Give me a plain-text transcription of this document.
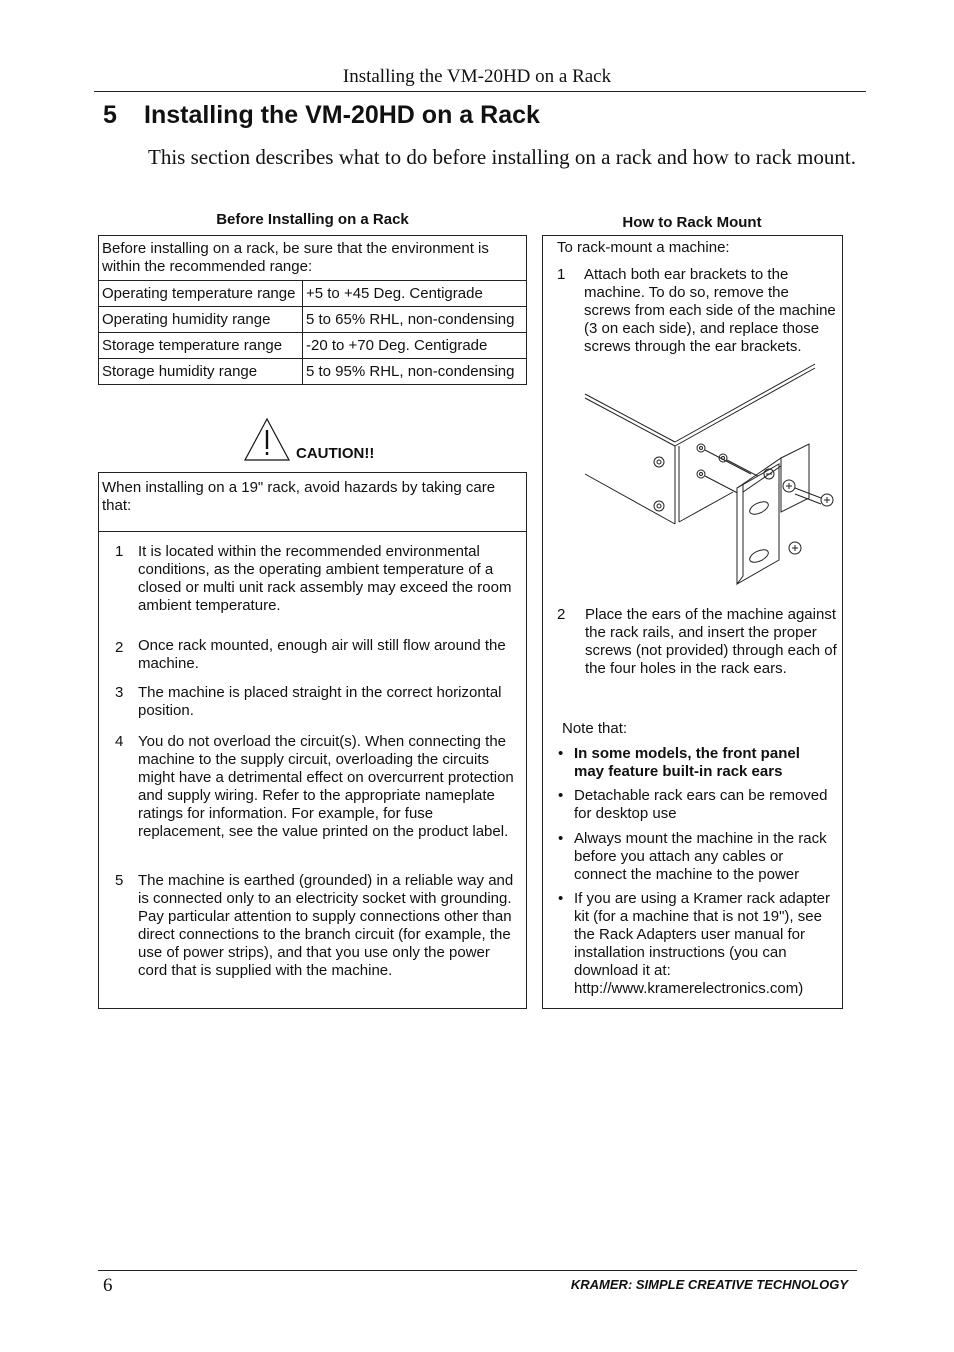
Installing the VM-20HD on a Rack
5 Installing the VM-20HD on a Rack
This section describes what to do before installing on a rack and how to rack mount.
Before Installing on a Rack
Before installing on a rack, be sure that the environment is within the recommended range:	
Operating temperature range	+5 to +45 Deg. Centigrade
Operating humidity range	5 to 65% RHL, non-condensing
Storage temperature range	-20 to +70 Deg. Centigrade
Storage humidity range	5 to 95% RHL, non-condensing
CAUTION!!
When installing on a 19" rack, avoid hazards by taking care that:
1 It is located within the recommended environmental conditions, as the operating ambient temperature of a closed or multi unit rack assembly may exceed the room ambient temperature.
2 Once rack mounted, enough air will still flow around the machine.
3 The machine is placed straight in the correct horizontal position.
4 You do not overload the circuit(s). When connecting the machine to the supply circuit, overloading the circuits might have a detrimental effect on overcurrent protection and supply wiring. Refer to the appropriate nameplate ratings for information. For example, for fuse replacement, see the value printed on the product label.
5 The machine is earthed (grounded) in a reliable way and is connected only to an electricity socket with grounding. Pay particular attention to supply connections other than direct connections to the branch circuit (for example, the use of power strips), and that you use only the power cord that is supplied with the machine.
How to Rack Mount
To rack-mount a machine:
1 Attach both ear brackets to the machine. To do so, remove the screws from each side of the machine (3 on each side), and replace those screws through the ear brackets.
2 Place the ears of the machine against the rack rails, and insert the proper screws (not provided) through each of the four holes in the rack ears.
Note that:
• In some models, the front panel may feature built-in rack ears
• Detachable rack ears can be removed for desktop use
• Always mount the machine in the rack before you attach any cables or connect the machine to the power
• If you are using a Kramer rack adapter kit (for a machine that is not 19"), see the Rack Adapters user manual for installation instructions (you can download it at: http://www.kramerelectronics.com)
6	KRAMER: SIMPLE CREATIVE TECHNOLOGY
